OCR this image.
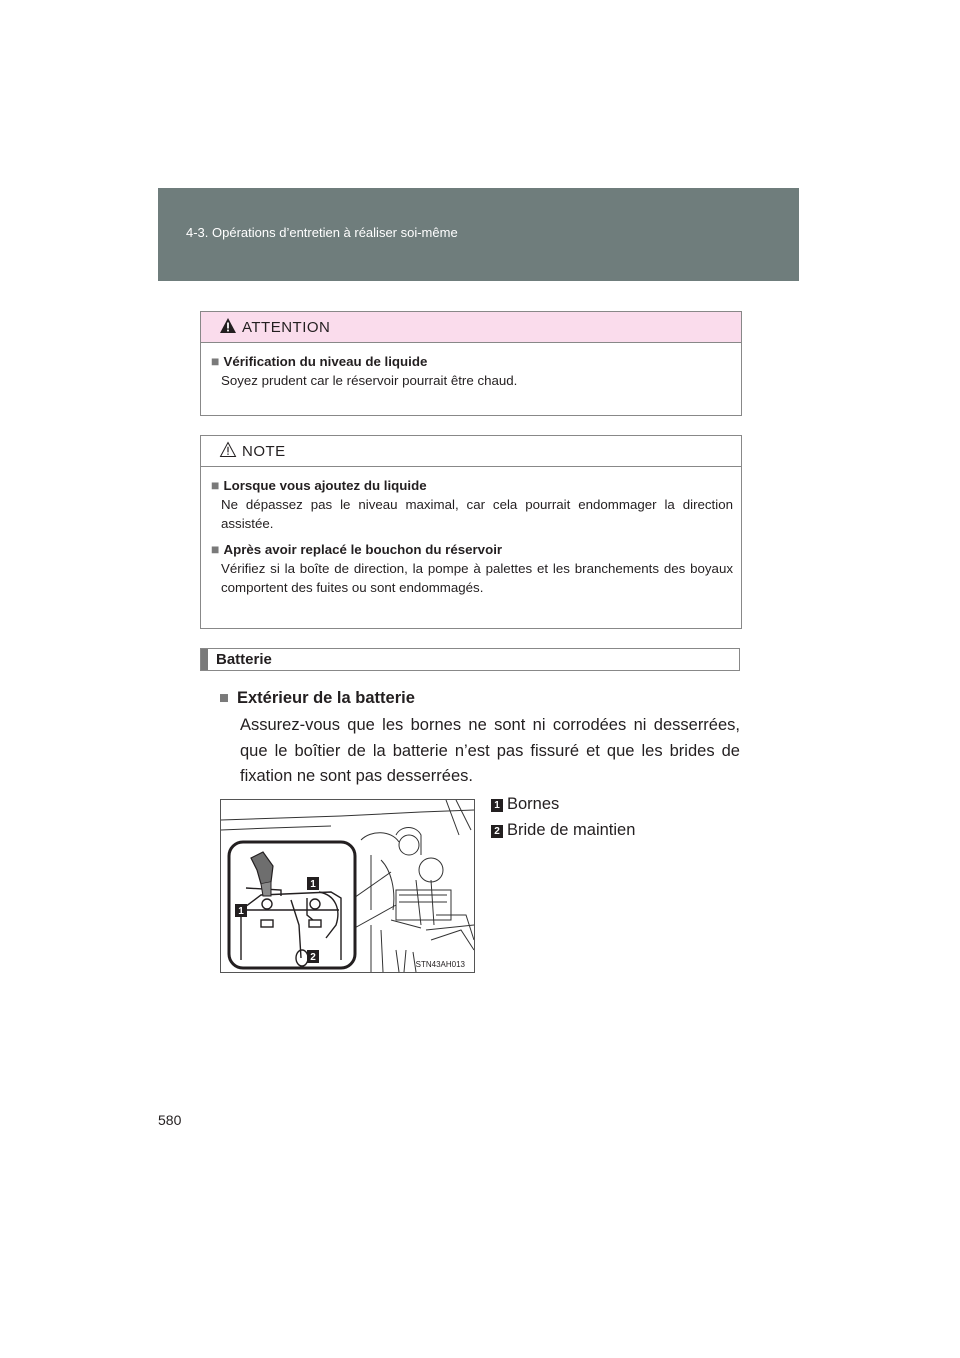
4-3. Opérations d’entretien à réaliser soi-même
ATTENTION
■ Vérification du niveau de liquide
Soyez prudent car le réservoir pourrait être chaud.
NOTE
■ Lorsque vous ajoutez du liquide
Ne dépassez pas le niveau maximal, car cela pourrait endommager la direction assistée.
■ Après avoir replacé le bouchon du réservoir
Vérifiez si la boîte de direction, la pompe à palettes et les branchements des boyaux comportent des fuites ou sont endommagés.
Batterie
■ Extérieur de la batterie
Assurez-vous que les bornes ne sont ni corrodées ni desserrées, que le boîtier de la batterie n’est pas fissuré et que les brides de fixation ne sont pas desserrées.
1
1
2
STN43AH013
1 Bornes
2 Bride de maintien
580
